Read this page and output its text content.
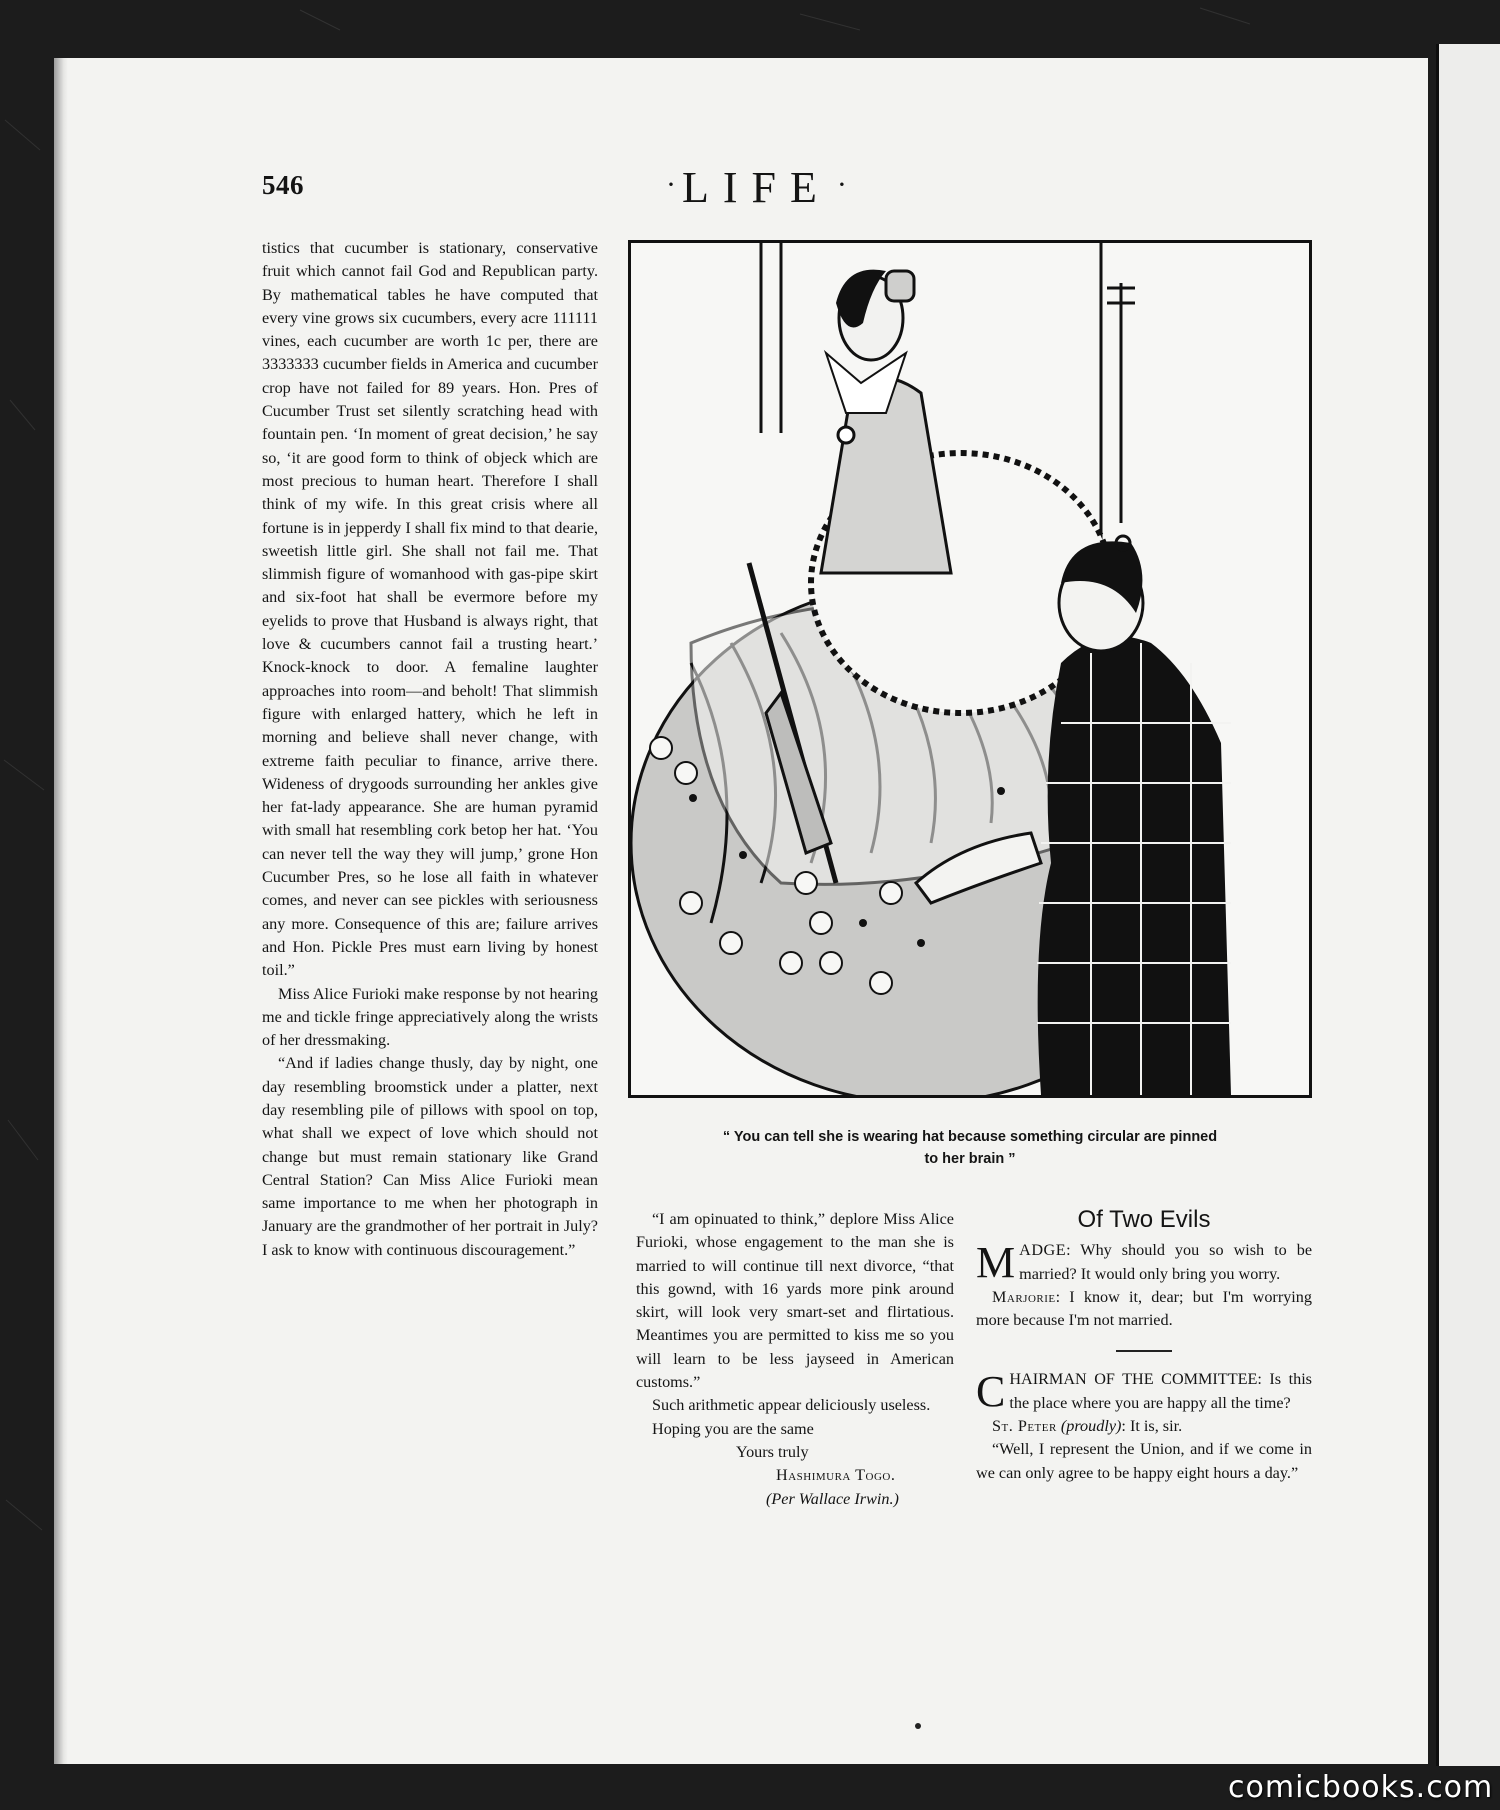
546	· LIFE ·

tistics that cucumber is stationary, conservative fruit which cannot fail God and Republican party. By mathematical tables he have computed that every vine grows six cucumbers, every acre 111111 vines, each cucumber are worth 1c per, there are 3333333 cucumber fields in America and cucumber crop have not failed for 89 years. Hon. Pres of Cucumber Trust set silently scratching head with fountain pen. ‘In moment of great decision,’ he say so, ‘it are good form to think of objeck which are most precious to human heart. Therefore I shall think of my wife. In this great crisis where all fortune is in jepperdy I shall fix mind to that dearie, sweetish little girl. She shall not fail me. That slimmish figure of womanhood with gas-pipe skirt and six-foot hat shall be evermore before my eyelids to prove that Husband is always right, that love & cucumbers cannot fail a trusting heart.’ Knock-knock to door. A femaline laughter approaches into room—and beholt! That slimmish figure with enlarged hattery, which he left in morning and believe shall never change, with extreme faith peculiar to finance, arrive there. Wideness of drygoods surrounding her ankles give her fat-lady appearance. She are human pyramid with small hat resembling cork betop her hat. ‘You can never tell the way they will jump,’ grone Hon Cucumber Pres, so he lose all faith in whatever comes, and never can see pickles with seriousness any more. Consequence of this are; failure arrives and Hon. Pickle Pres must earn living by honest toil.”

Miss Alice Furioki make response by not hearing me and tickle fringe appreciatively along the wrists of her dressmaking.

“And if ladies change thusly, day by night, one day resembling broomstick under a platter, next day resembling pile of pillows with spool on top, what shall we expect of love which should not change but must remain stationary like Grand Central Station? Can Miss Alice Furioki mean same importance to me when her photograph in January are the grandmother of her portrait in July? I ask to know with continuous discouragement.”

“ You can tell she is wearing hat because something circular are pinned
to her brain ”

“I am opinuated to think,” deplore Miss Alice Furioki, whose engagement to the man she is married to will continue till next divorce, “that this gownd, with 16 yards more pink around skirt, will look very smart-set and flirtatious. Meantimes you are permitted to kiss me so you will learn to be less jayseed in American customs.”

Such arithmetic appear deliciously useless.

Hoping you are the same

Yours truly

Hashimura Togo.

(Per Wallace Irwin.)

Of Two Evils

MADGE: Why should you so wish to be married? It would only bring you worry.

Marjorie: I know it, dear; but I'm worrying more because I'm not married.

CHAIRMAN OF THE COMMITTEE: Is this the place where you are happy all the time?

St. Peter (proudly): It is, sir.

“Well, I represent the Union, and if we come in we can only agree to be happy eight hours a day.”

comicbooks.com
